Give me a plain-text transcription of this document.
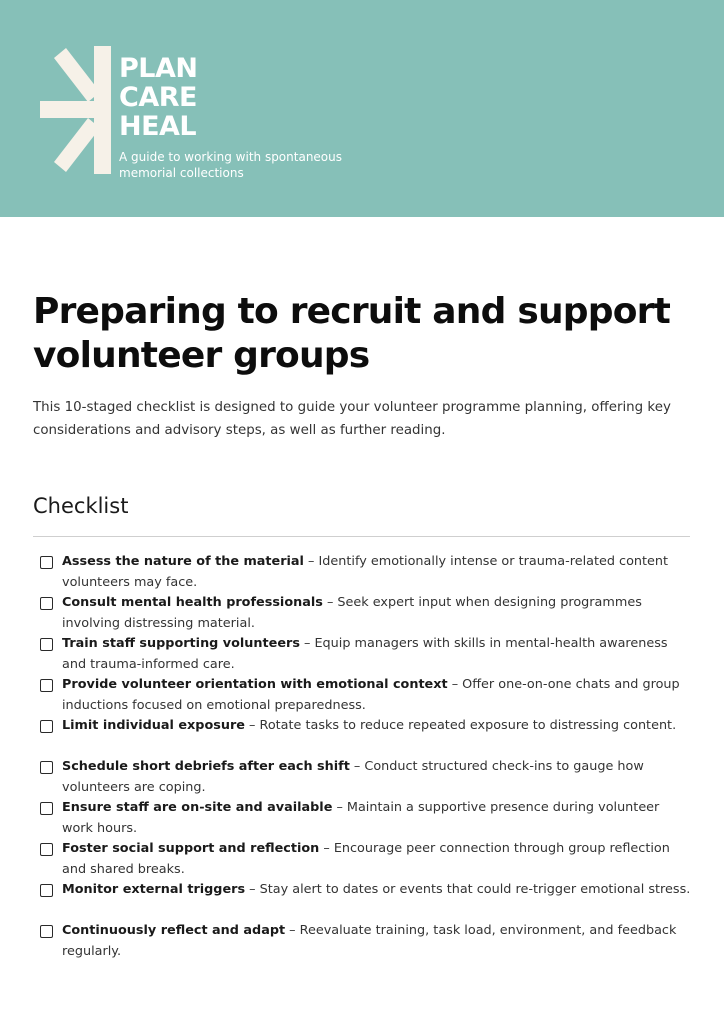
PLAN
CARE
HEAL
A guide to working with spontaneous memorial collections
Preparing to recruit and support volunteer groups

This 10-staged checklist is designed to guide your volunteer programme planning, offering key considerations and advisory steps, as well as further reading.

Checklist
Assess the nature of the material – Identify emotionally intense or trauma-related content volunteers may face.
Consult mental health professionals – Seek expert input when designing programmes involving distressing material.
Train staff supporting volunteers – Equip managers with skills in mental-health awareness and trauma-informed care.
Provide volunteer orientation with emotional context – Offer one-on-one chats and group inductions focused on emotional preparedness.
Limit individual exposure – Rotate tasks to reduce repeated exposure to distressing content.
Schedule short debriefs after each shift – Conduct structured check-ins to gauge how volunteers are coping.
Ensure staff are on-site and available – Maintain a supportive presence during volunteer work hours.
Foster social support and reflection – Encourage peer connection through group reflection and shared breaks.
Monitor external triggers – Stay alert to dates or events that could re-trigger emotional stress.
Continuously reflect and adapt – Reevaluate training, task load, environment, and feedback regularly.
